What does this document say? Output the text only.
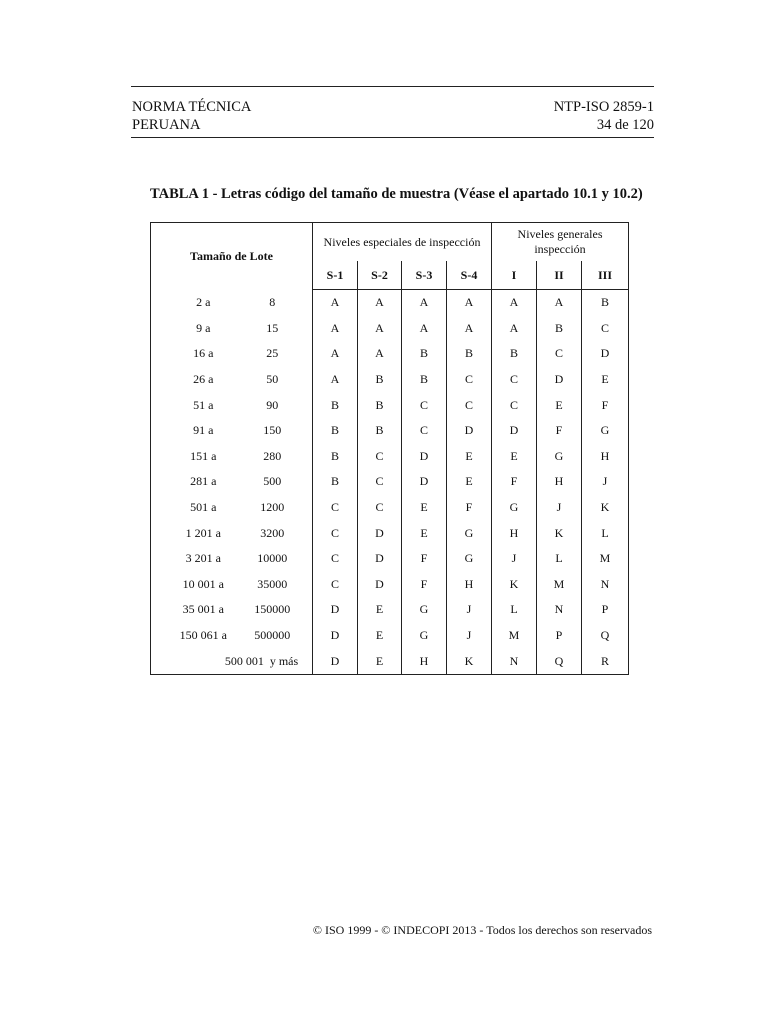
NORMA TÉCNICA
PERUANA
NTP-ISO 2859-1
34 de 120
TABLA 1 - Letras código del tamaño de muestra (Véase el apartado 10.1 y 10.2)
Tamaño de Lote		Niveles especiales de inspección				Niveles generales inspección		
		S-1	S-2	S-3	S-4	I	II	III
2 a	8	A	A	A	A	A	A	B
9 a	15	A	A	A	A	A	B	C
16 a	25	A	A	B	B	B	C	D
26 a	50	A	B	B	C	C	D	E
51 a	90	B	B	C	C	C	E	F
91 a	150	B	B	C	D	D	F	G
151 a	280	B	C	D	E	E	G	H
281 a	500	B	C	D	E	F	H	J
501 a	1200	C	C	E	F	G	J	K
1 201 a	3200	C	D	E	G	H	K	L
3 201 a	10000	C	D	F	G	J	L	M
10 001 a	35000	C	D	F	H	K	M	N
35 001 a	150000	D	E	G	J	L	N	P
150 061 a	500000	D	E	G	J	M	P	Q
500 001  y más		D	E	H	K	N	Q	R
© ISO 1999 - © INDECOPI 2013 - Todos los derechos son reservados
